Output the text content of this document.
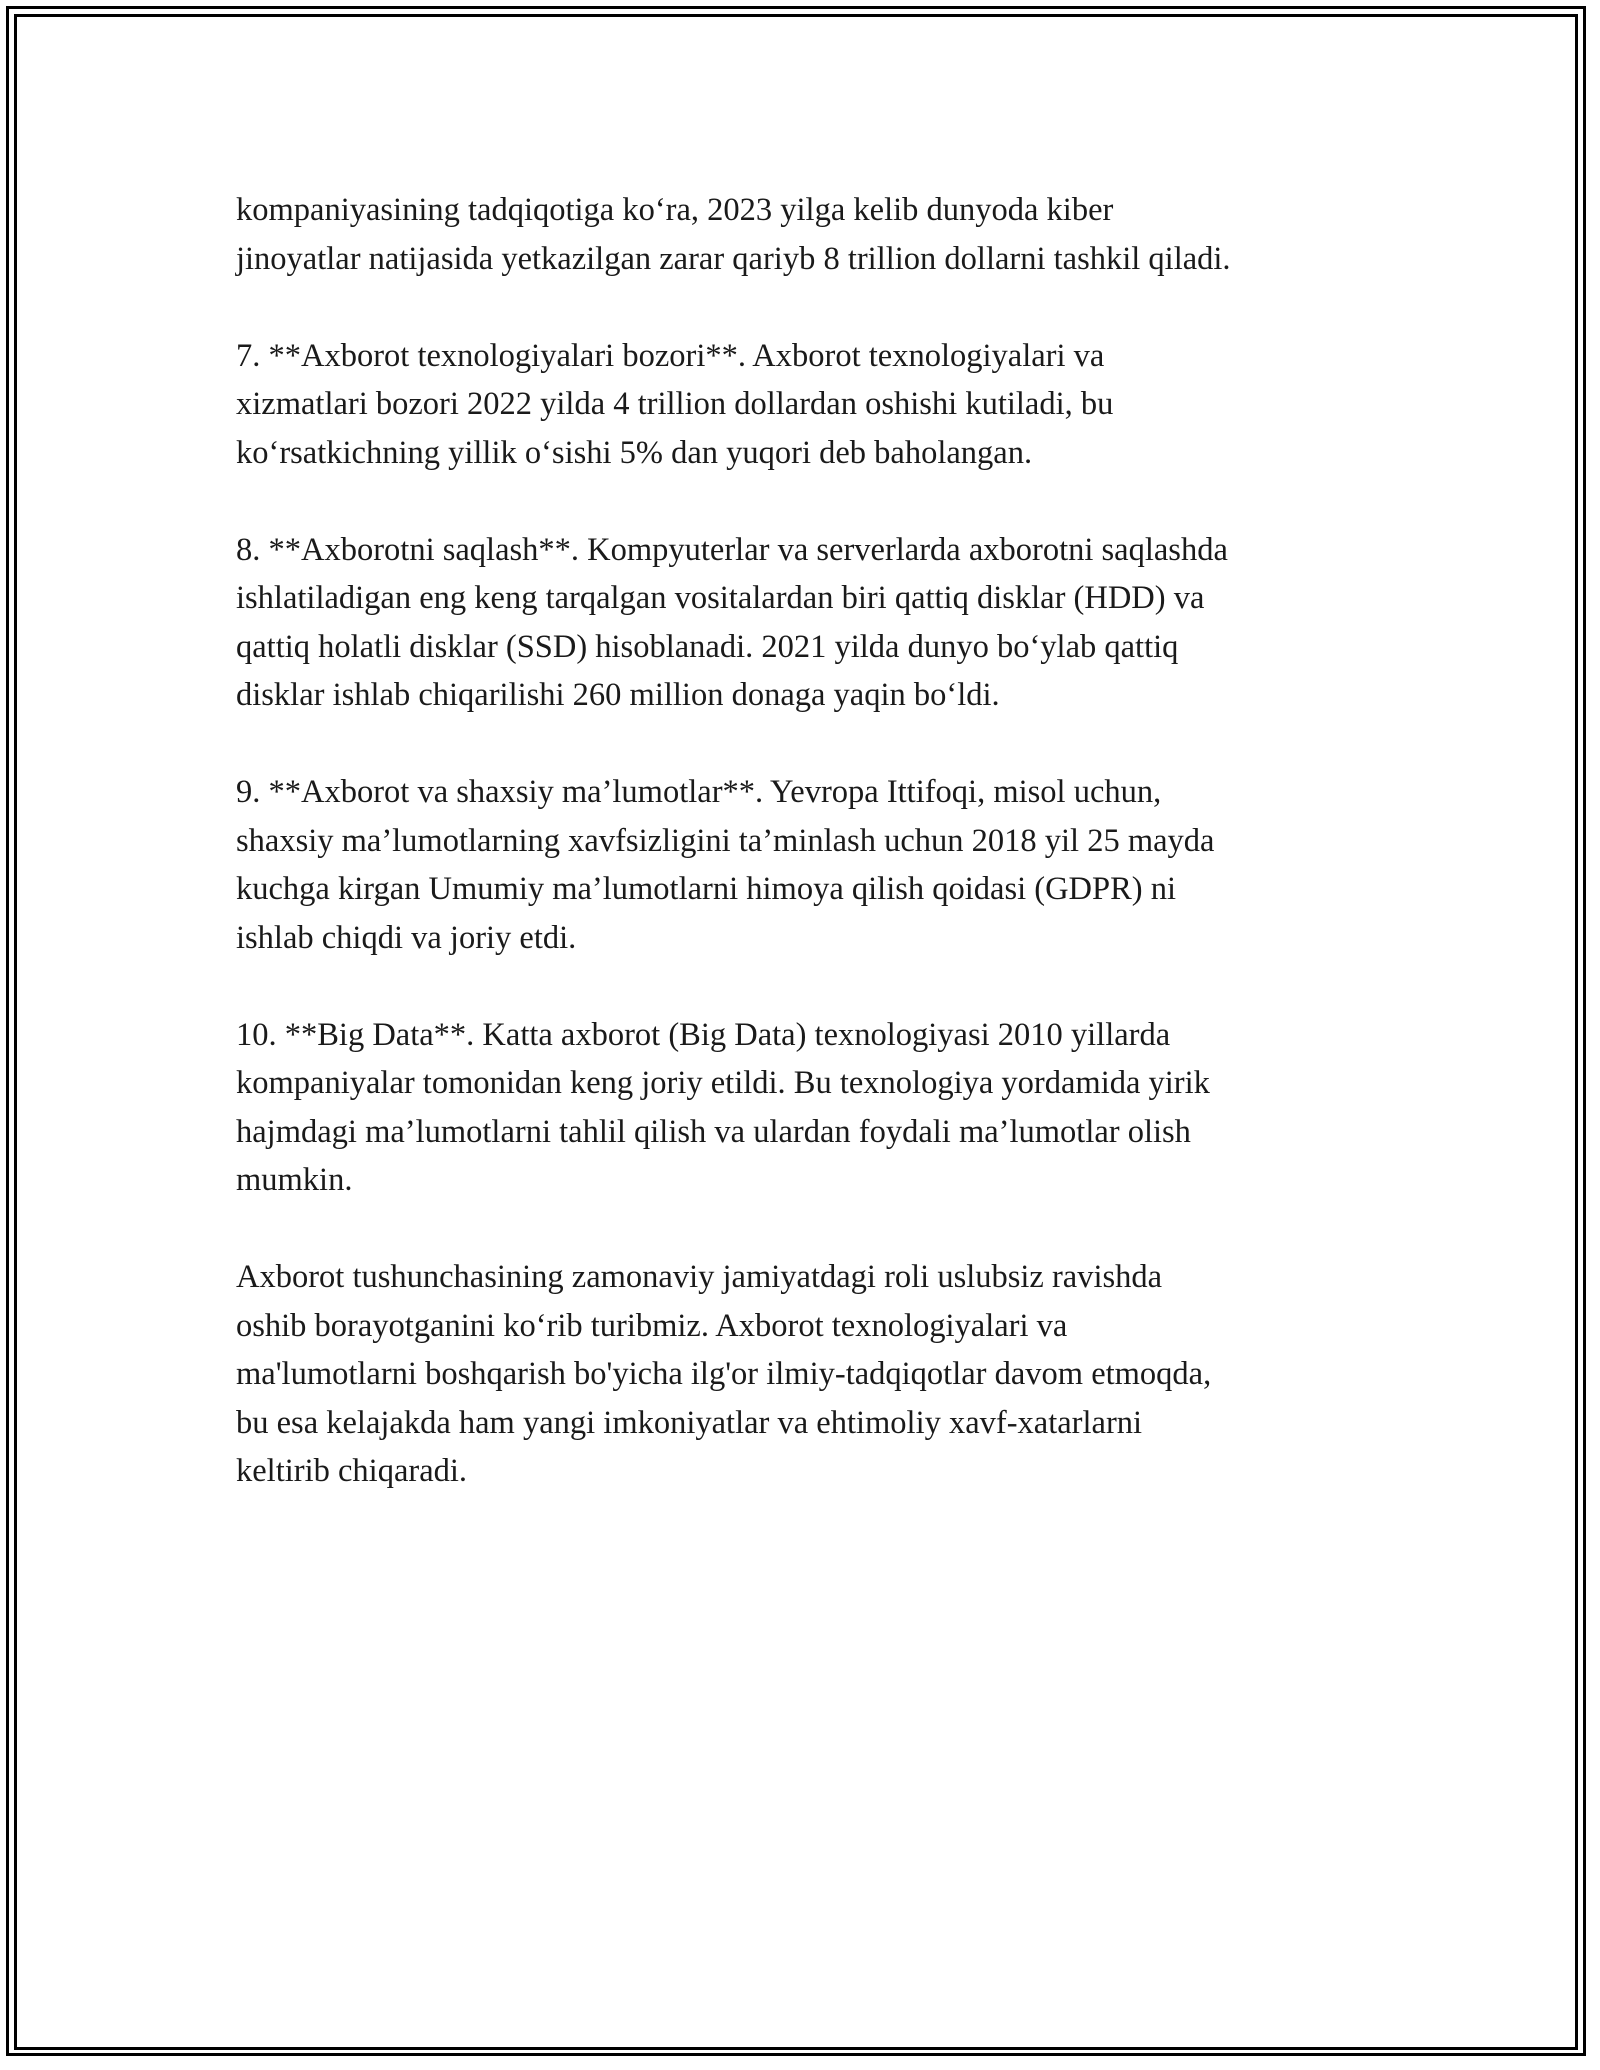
kompaniyasining tadqiqotiga ko‘ra, 2023 yilga kelib dunyoda kiber
jinoyatlar natijasida yetkazilgan zarar qariyb 8 trillion dollarni tashkil qiladi.

7. **Axborot texnologiyalari bozori**. Axborot texnologiyalari va
xizmatlari bozori 2022 yilda 4 trillion dollardan oshishi kutiladi, bu
ko‘rsatkichning yillik o‘sishi 5% dan yuqori deb baholangan.

8. **Axborotni saqlash**. Kompyuterlar va serverlarda axborotni saqlashda
ishlatiladigan eng keng tarqalgan vositalardan biri qattiq disklar (HDD) va
qattiq holatli disklar (SSD) hisoblanadi. 2021 yilda dunyo bo‘ylab qattiq
disklar ishlab chiqarilishi 260 million donaga yaqin bo‘ldi.

9. **Axborot va shaxsiy ma’lumotlar**. Yevropa Ittifoqi, misol uchun,
shaxsiy ma’lumotlarning xavfsizligini ta’minlash uchun 2018 yil 25 mayda
kuchga kirgan Umumiy ma’lumotlarni himoya qilish qoidasi (GDPR) ni
ishlab chiqdi va joriy etdi.

10. **Big Data**. Katta axborot (Big Data) texnologiyasi 2010 yillarda
kompaniyalar tomonidan keng joriy etildi. Bu texnologiya yordamida yirik
hajmdagi ma’lumotlarni tahlil qilish va ulardan foydali ma’lumotlar olish
mumkin.

Axborot tushunchasining zamonaviy jamiyatdagi roli uslubsiz ravishda
oshib borayotganini ko‘rib turibmiz. Axborot texnologiyalari va
ma'lumotlarni boshqarish bo'yicha ilg'or ilmiy-tadqiqotlar davom etmoqda,
bu esa kelajakda ham yangi imkoniyatlar va ehtimoliy xavf-xatarlarni
keltirib chiqaradi.
